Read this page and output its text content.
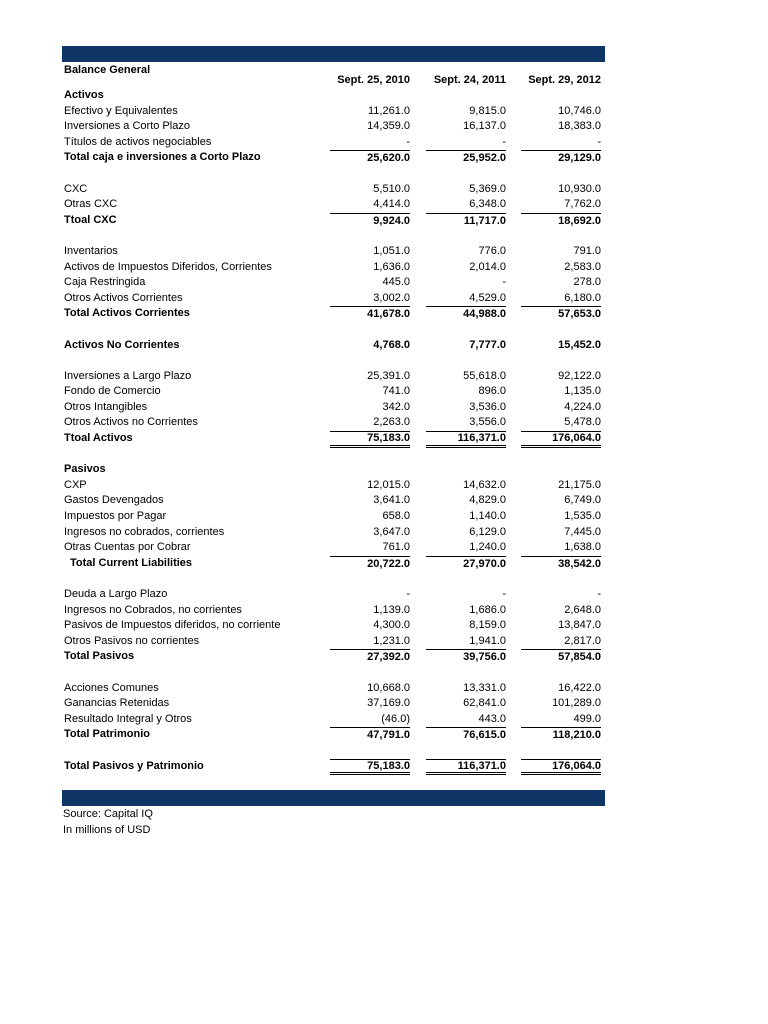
Balance General
Sept. 25, 2010	Sept. 24, 2011	Sept. 29, 2012
Activos
Efectivo y Equivalentes	11,261.0	9,815.0	10,746.0
Inversiones a Corto Plazo	14,359.0	16,137.0	18,383.0
Títulos de activos negociables	-	-	-
Total caja e inversiones a Corto Plazo	25,620.0	25,952.0	29,129.0
CXC	5,510.0	5,369.0	10,930.0
Otras CXC	4,414.0	6,348.0	7,762.0
Ttoal CXC	9,924.0	11,717.0	18,692.0
Inventarios	1,051.0	776.0	791.0
Activos de Impuestos Diferidos, Corrientes	1,636.0	2,014.0	2,583.0
Caja Restringida	445.0	-	278.0
Otros Activos Corrientes	3,002.0	4,529.0	6,180.0
Total Activos Corrientes	41,678.0	44,988.0	57,653.0
Activos No Corrientes	4,768.0	7,777.0	15,452.0
Inversiones a Largo Plazo	25,391.0	55,618.0	92,122.0
Fondo de Comercio	741.0	896.0	1,135.0
Otros Intangibles	342.0	3,536.0	4,224.0
Otros Activos no Corrientes	2,263.0	3,556.0	5,478.0
Ttoal Activos	75,183.0	116,371.0	176,064.0
Pasivos
CXP	12,015.0	14,632.0	21,175.0
Gastos Devengados	3,641.0	4,829.0	6,749.0
Impuestos por Pagar	658.0	1,140.0	1,535.0
Ingresos no cobrados, corrientes	3,647.0	6,129.0	7,445.0
Otras Cuentas por Cobrar	761.0	1,240.0	1,638.0
Total Current Liabilities	20,722.0	27,970.0	38,542.0
Deuda a Largo Plazo	-	-	-
Ingresos no Cobrados, no corrientes	1,139.0	1,686.0	2,648.0
Pasivos de Impuestos diferidos, no corriente	4,300.0	8,159.0	13,847.0
Otros Pasivos no corrientes	1,231.0	1,941.0	2,817.0
Total Pasivos	27,392.0	39,756.0	57,854.0
Acciones Comunes	10,668.0	13,331.0	16,422.0
Ganancias Retenidas	37,169.0	62,841.0	101,289.0
Resultado Integral y Otros	(46.0)	443.0	499.0
Total Patrimonio	47,791.0	76,615.0	118,210.0
Total Pasivos y Patrimonio	75,183.0	116,371.0	176,064.0
Source: Capital IQ
In millions of USD
